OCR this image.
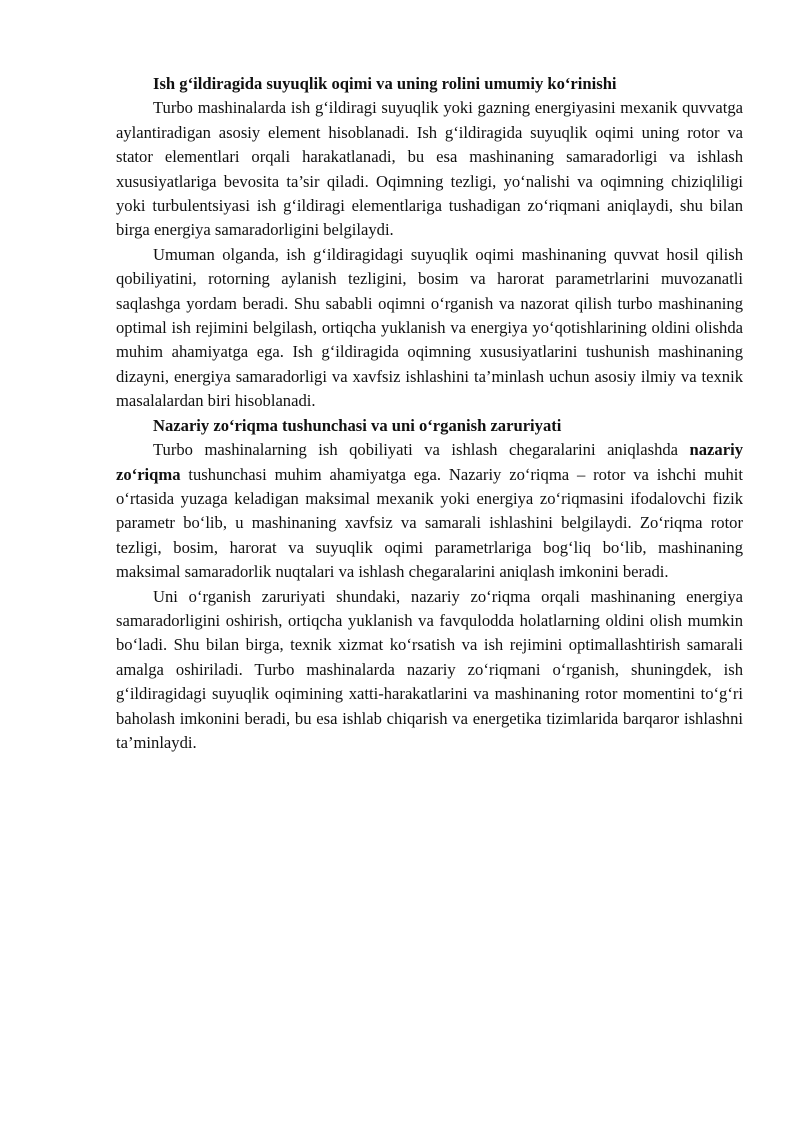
Ish g‘ildiragida suyuqlik oqimi va uning rolini umumiy ko‘rinishi

Turbo mashinalarda ish g‘ildiragi suyuqlik yoki gazning energiyasini mexanik quvvatga aylantiradigan asosiy element hisoblanadi. Ish g‘ildiragida suyuqlik oqimi uning rotor va stator elementlari orqali harakatlanadi, bu esa mashinaning samaradorligi va ishlash xususiyatlariga bevosita ta’sir qiladi. Oqimning tezligi, yo‘nalishi va oqimning chiziqliligi yoki turbulentsiyasi ish g‘ildiragi elementlariga tushadigan zo‘riqmani aniqlaydi, shu bilan birga energiya samaradorligini belgilaydi.

Umuman olganda, ish g‘ildiragidagi suyuqlik oqimi mashinaning quvvat hosil qilish qobiliyatini, rotorning aylanish tezligini, bosim va harorat parametrlarini muvozanatli saqlashga yordam beradi. Shu sababli oqimni o‘rganish va nazorat qilish turbo mashinaning optimal ish rejimini belgilash, ortiqcha yuklanish va energiya yo‘qotishlarining oldini olishda muhim ahamiyatga ega. Ish g‘ildiragida oqimning xususiyatlarini tushunish mashinaning dizayni, energiya samaradorligi va xavfsiz ishlashini ta’minlash uchun asosiy ilmiy va texnik masalalardan biri hisoblanadi.

Nazariy zo‘riqma tushunchasi va uni o‘rganish zaruriyati

Turbo mashinalarning ish qobiliyati va ishlash chegaralarini aniqlashda nazariy zo‘riqma tushunchasi muhim ahamiyatga ega. Nazariy zo‘riqma – rotor va ishchi muhit o‘rtasida yuzaga keladigan maksimal mexanik yoki energiya zo‘riqmasini ifodalovchi fizik parametr bo‘lib, u mashinaning xavfsiz va samarali ishlashini belgilaydi. Zo‘riqma rotor tezligi, bosim, harorat va suyuqlik oqimi parametrlariga bog‘liq bo‘lib, mashinaning maksimal samaradorlik nuqtalari va ishlash chegaralarini aniqlash imkonini beradi.

Uni o‘rganish zaruriyati shundaki, nazariy zo‘riqma orqali mashinaning energiya samaradorligini oshirish, ortiqcha yuklanish va favqulodda holatlarning oldini olish mumkin bo‘ladi. Shu bilan birga, texnik xizmat ko‘rsatish va ish rejimini optimallashtirish samarali amalga oshiriladi. Turbo mashinalarda nazariy zo‘riqmani o‘rganish, shuningdek, ish g‘ildiragidagi suyuqlik oqimining xatti-harakatlarini va mashinaning rotor momentini to‘g‘ri baholash imkonini beradi, bu esa ishlab chiqarish va energetika tizimlarida barqaror ishlashni ta’minlaydi.
